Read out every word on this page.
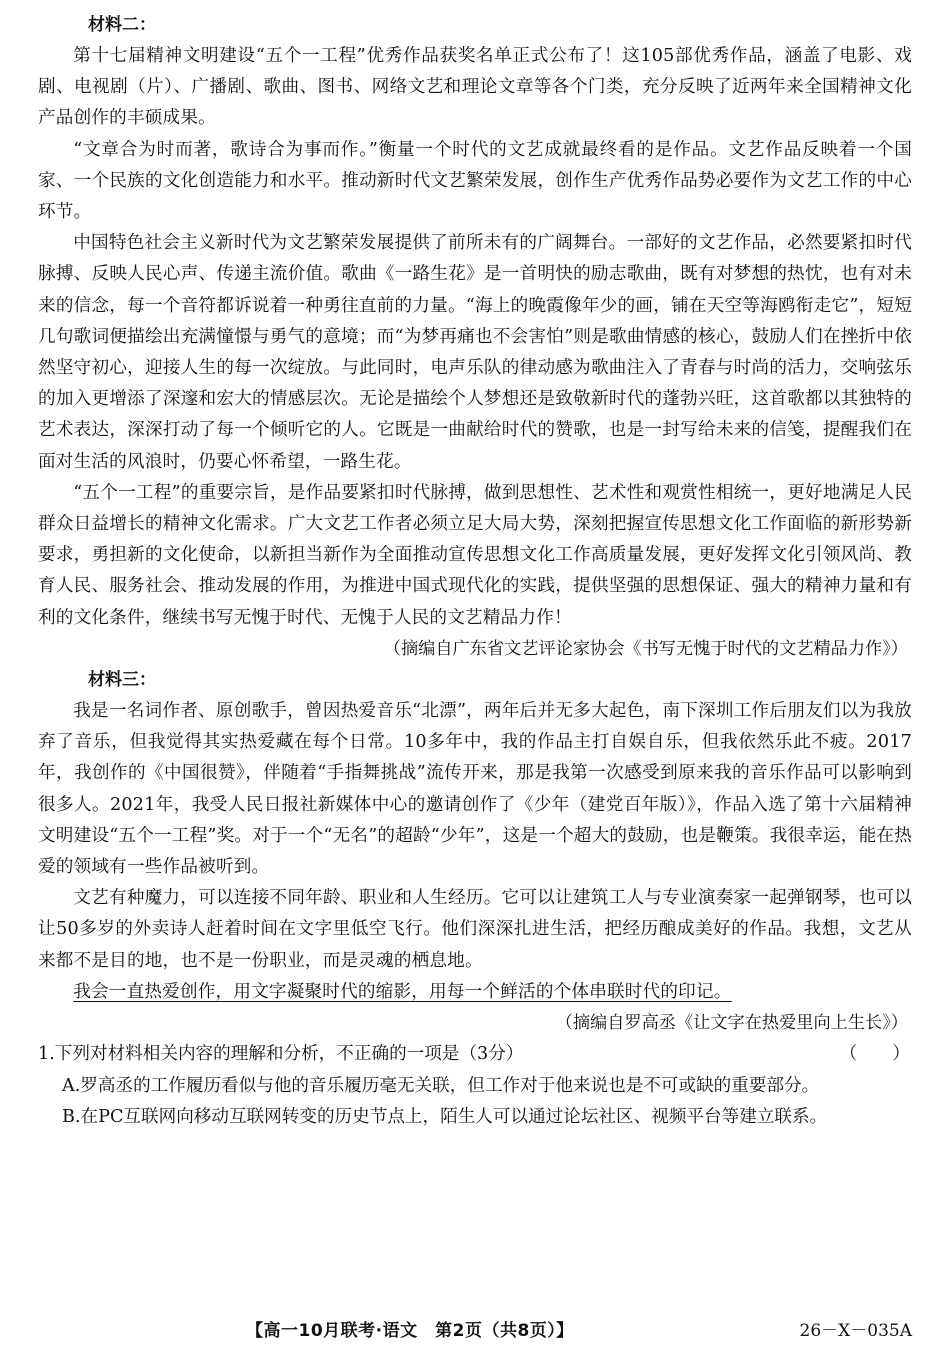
材料二：

第十七届精神文明建设“五个一工程”优秀作品获奖名单正式公布了！这105部优秀作品，涵盖了电影、戏剧、电视剧（片）、广播剧、歌曲、图书、网络文艺和理论文章等各个门类，充分反映了近两年来全国精神文化产品创作的丰硕成果。

“文章合为时而著，歌诗合为事而作。”衡量一个时代的文艺成就最终看的是作品。文艺作品反映着一个国家、一个民族的文化创造能力和水平。推动新时代文艺繁荣发展，创作生产优秀作品势必要作为文艺工作的中心环节。

中国特色社会主义新时代为文艺繁荣发展提供了前所未有的广阔舞台。一部好的文艺作品，必然要紧扣时代脉搏、反映人民心声、传递主流价值。歌曲《一路生花》是一首明快的励志歌曲，既有对梦想的热忱，也有对未来的信念，每一个音符都诉说着一种勇往直前的力量。“海上的晚霞像年少的画，铺在天空等海鸥衔走它”，短短几句歌词便描绘出充满憧憬与勇气的意境；而“为梦再痛也不会害怕”则是歌曲情感的核心，鼓励人们在挫折中依然坚守初心，迎接人生的每一次绽放。与此同时，电声乐队的律动感为歌曲注入了青春与时尚的活力，交响弦乐的加入更增添了深邃和宏大的情感层次。无论是描绘个人梦想还是致敬新时代的蓬勃兴旺，这首歌都以其独特的艺术表达，深深打动了每一个倾听它的人。它既是一曲献给时代的赞歌，也是一封写给未来的信笺，提醒我们在面对生活的风浪时，仍要心怀希望，一路生花。

“五个一工程”的重要宗旨，是作品要紧扣时代脉搏，做到思想性、艺术性和观赏性相统一，更好地满足人民群众日益增长的精神文化需求。广大文艺工作者必须立足大局大势，深刻把握宣传思想文化工作面临的新形势新要求，勇担新的文化使命，以新担当新作为全面推动宣传思想文化工作高质量发展，更好发挥文化引领风尚、教育人民、服务社会、推动发展的作用，为推进中国式现代化的实践，提供坚强的思想保证、强大的精神力量和有利的文化条件，继续书写无愧于时代、无愧于人民的文艺精品力作！

（摘编自广东省文艺评论家协会《书写无愧于时代的文艺精品力作》）

材料三：

我是一名词作者、原创歌手，曾因热爱音乐“北漂”，两年后并无多大起色，南下深圳工作后朋友们以为我放弃了音乐，但我觉得其实热爱藏在每个日常。10多年中，我的作品主打自娱自乐，但我依然乐此不疲。2017年，我创作的《中国很赞》，伴随着“手指舞挑战”流传开来，那是我第一次感受到原来我的音乐作品可以影响到很多人。2021年，我受人民日报社新媒体中心的邀请创作了《少年（建党百年版）》，作品入选了第十六届精神文明建设“五个一工程”奖。对于一个“无名”的超龄“少年”，这是一个超大的鼓励，也是鞭策。我很幸运，能在热爱的领域有一些作品被听到。

文艺有种魔力，可以连接不同年龄、职业和人生经历。它可以让建筑工人与专业演奏家一起弹钢琴，也可以让50多岁的外卖诗人赶着时间在文字里低空飞行。他们深深扎进生活，把经历酿成美好的作品。我想，文艺从来都不是目的地，也不是一份职业，而是灵魂的栖息地。

我会一直热爱创作，用文字凝聚时代的缩影，用每一个鲜活的个体串联时代的印记。

（摘编自罗高丞《让文字在热爱里向上生长》）

1.下列对材料相关内容的理解和分析，不正确的一项是（3分）	（　　）

A.罗高丞的工作履历看似与他的音乐履历毫无关联，但工作对于他来说也是不可或缺的重要部分。

B.在PC互联网向移动互联网转变的历史节点上，陌生人可以通过论坛社区、视频平台等建立联系。

【高一10月联考·语文　第2页（共8页）】	26－X－035A
